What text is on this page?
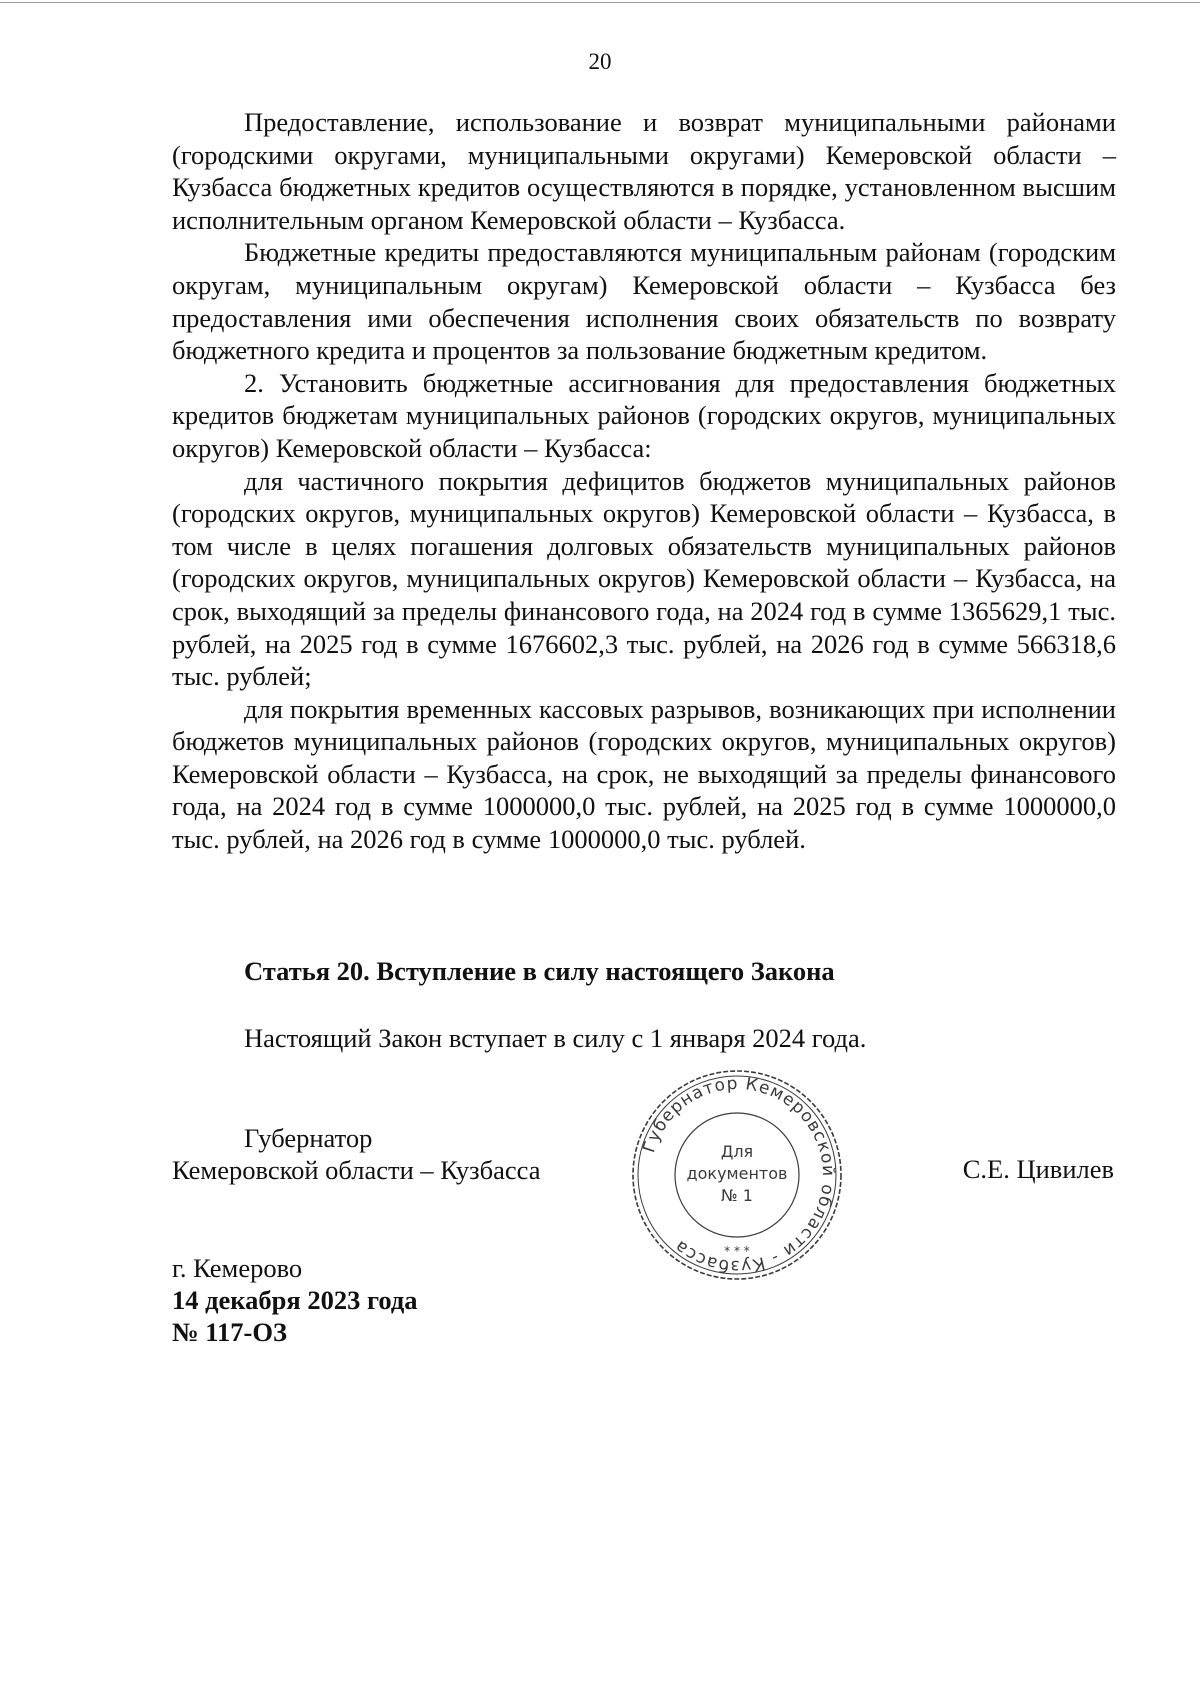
20

Предоставление, использование и возврат муниципальными районами (городскими округами, муниципальными округами) Кемеровской области – Кузбасса бюджетных кредитов осуществляются в порядке, установленном высшим исполнительным органом Кемеровской области – Кузбасса.

Бюджетные кредиты предоставляются муниципальным районам (городским округам, муниципальным округам) Кемеровской области – Кузбасса без предоставления ими обеспечения исполнения своих обязательств по возврату бюджетного кредита и процентов за пользование бюджетным кредитом.

2. Установить бюджетные ассигнования для предоставления бюджетных кредитов бюджетам муниципальных районов (городских округов, муниципальных округов) Кемеровской области – Кузбасса:

для частичного покрытия дефицитов бюджетов муниципальных районов (городских округов, муниципальных округов) Кемеровской области – Кузбасса, в том числе в целях погашения долговых обязательств муниципальных районов (городских округов, муниципальных округов) Кемеровской области – Кузбасса, на срок, выходящий за пределы финансового года, на 2024 год в сумме 1365629,1 тыс. рублей, на 2025 год в сумме 1676602,3 тыс. рублей, на 2026 год в сумме 566318,6 тыс. рублей;

для покрытия временных кассовых разрывов, возникающих при исполнении бюджетов муниципальных районов (городских округов, муниципальных округов) Кемеровской области – Кузбасса, на срок, не выходящий за пределы финансового года, на 2024 год в сумме 1000000,0 тыс. рублей, на 2025 год в сумме 1000000,0 тыс. рублей, на 2026 год в сумме 1000000,0 тыс. рублей.

Статья 20. Вступление в силу настоящего Закона
Настоящий Закон вступает в силу с 1 января 2024 года.
Губернатор
Кемеровской области – Кузбасса
Губернатор Кемеровской области - Кузбасса
Для
документов
№ 1
* * *
С.Е. Цивилев
г. Кемерово
14 декабря 2023 года
№ 117-ОЗ
